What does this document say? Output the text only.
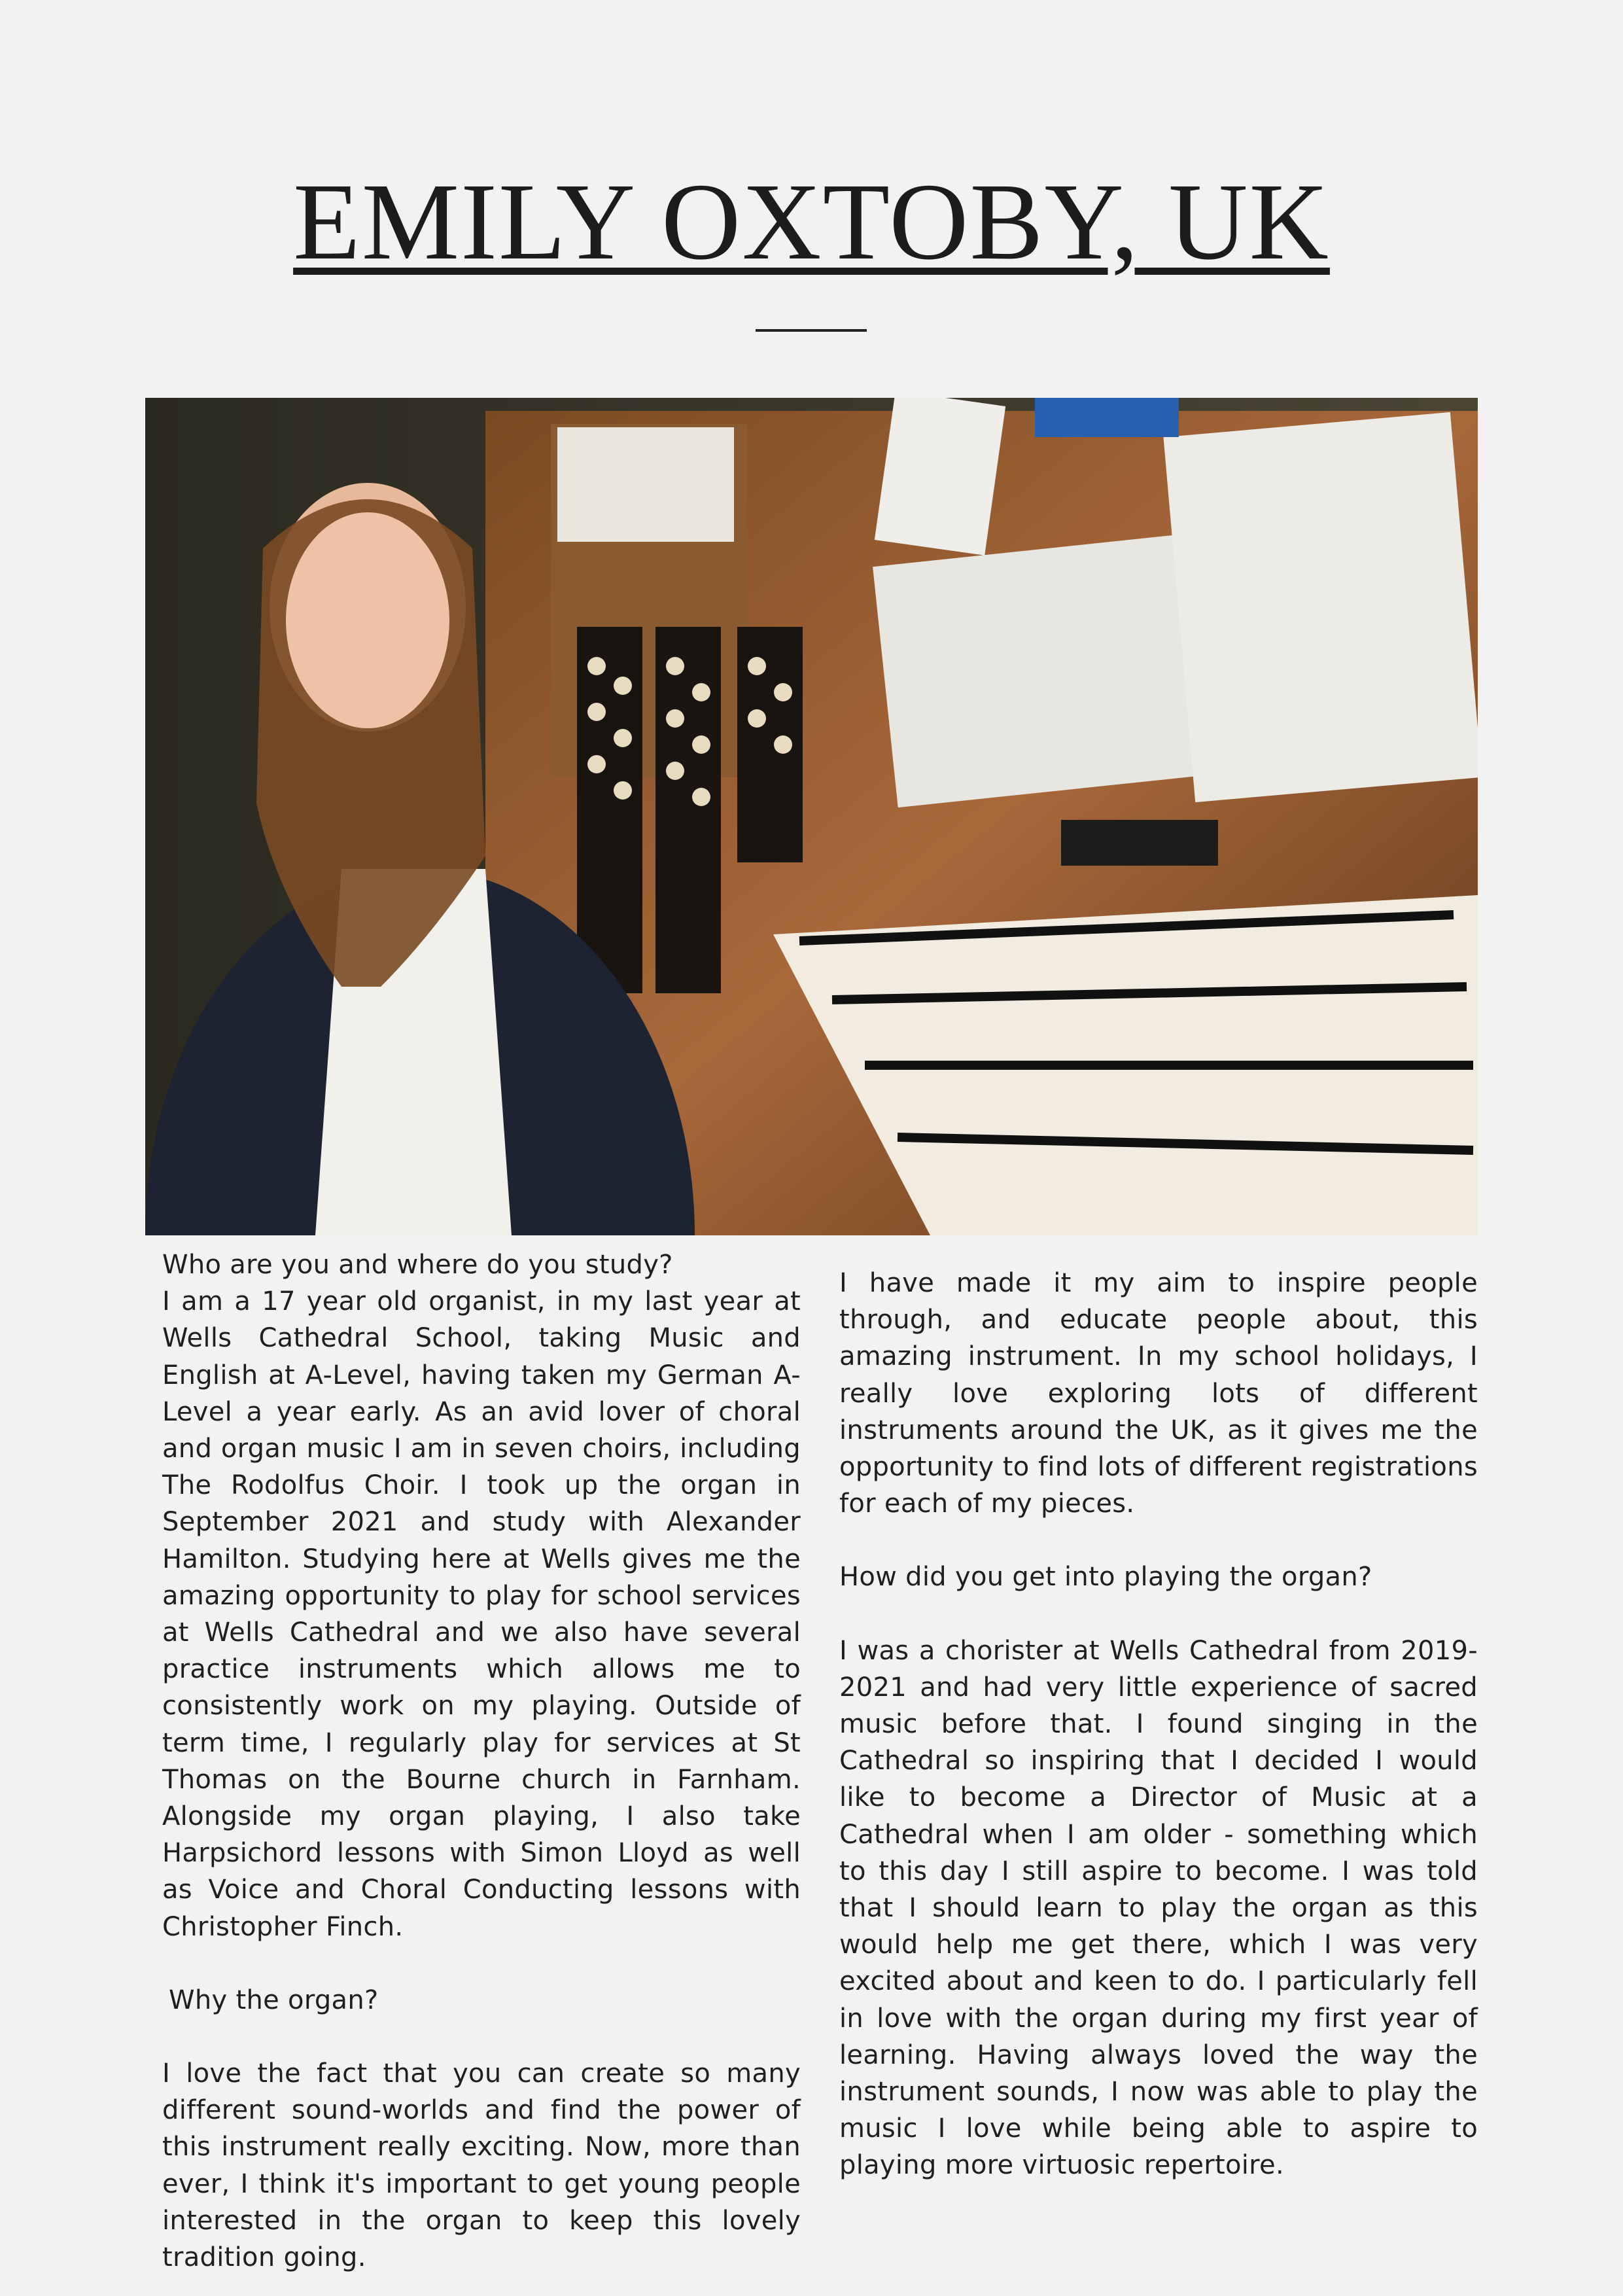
EMILY OXTOBY, UK

Who are you and where do you study?

I am a 17 year old organist, in my last year at Wells Cathedral School, taking Music and English at A-Level, having taken my German A-Level a year early. As an avid lover of choral and organ music I am in seven choirs, including The Rodolfus Choir. I took up the organ in September 2021 and study with Alexander Hamilton. Studying here at Wells gives me the amazing opportunity to play for school services at Wells Cathedral and we also have several practice instruments which allows me to consistently work on my playing. Outside of term time, I regularly play for services at St Thomas on the Bourne church in Farnham. Alongside my organ playing, I also take Harpsichord lessons with Simon Lloyd as well as Voice and Choral Conducting lessons with Christopher Finch.

Why the organ?

I love the fact that you can create so many different sound-worlds and find the power of this instrument really exciting. Now, more than ever, I think it's important to get young people interested in the organ to keep this lovely tradition going.

I have made it my aim to inspire people through, and educate people about, this amazing instrument. In my school holidays, I really love exploring lots of different instruments around the UK, as it gives me the opportunity to find lots of different registrations for each of my pieces.

How did you get into playing the organ?

I was a chorister at Wells Cathedral from 2019-2021 and had very little experience of sacred music before that. I found singing in the Cathedral so inspiring that I decided I would like to become a Director of Music at a Cathedral when I am older - something which to this day I still aspire to become. I was told that I should learn to play the organ as this would help me get there, which I was very excited about and keen to do. I particularly fell in love with the organ during my first year of learning. Having always loved the way the instrument sounds, I now was able to play the music I love while being able to aspire to playing more virtuosic repertoire.
